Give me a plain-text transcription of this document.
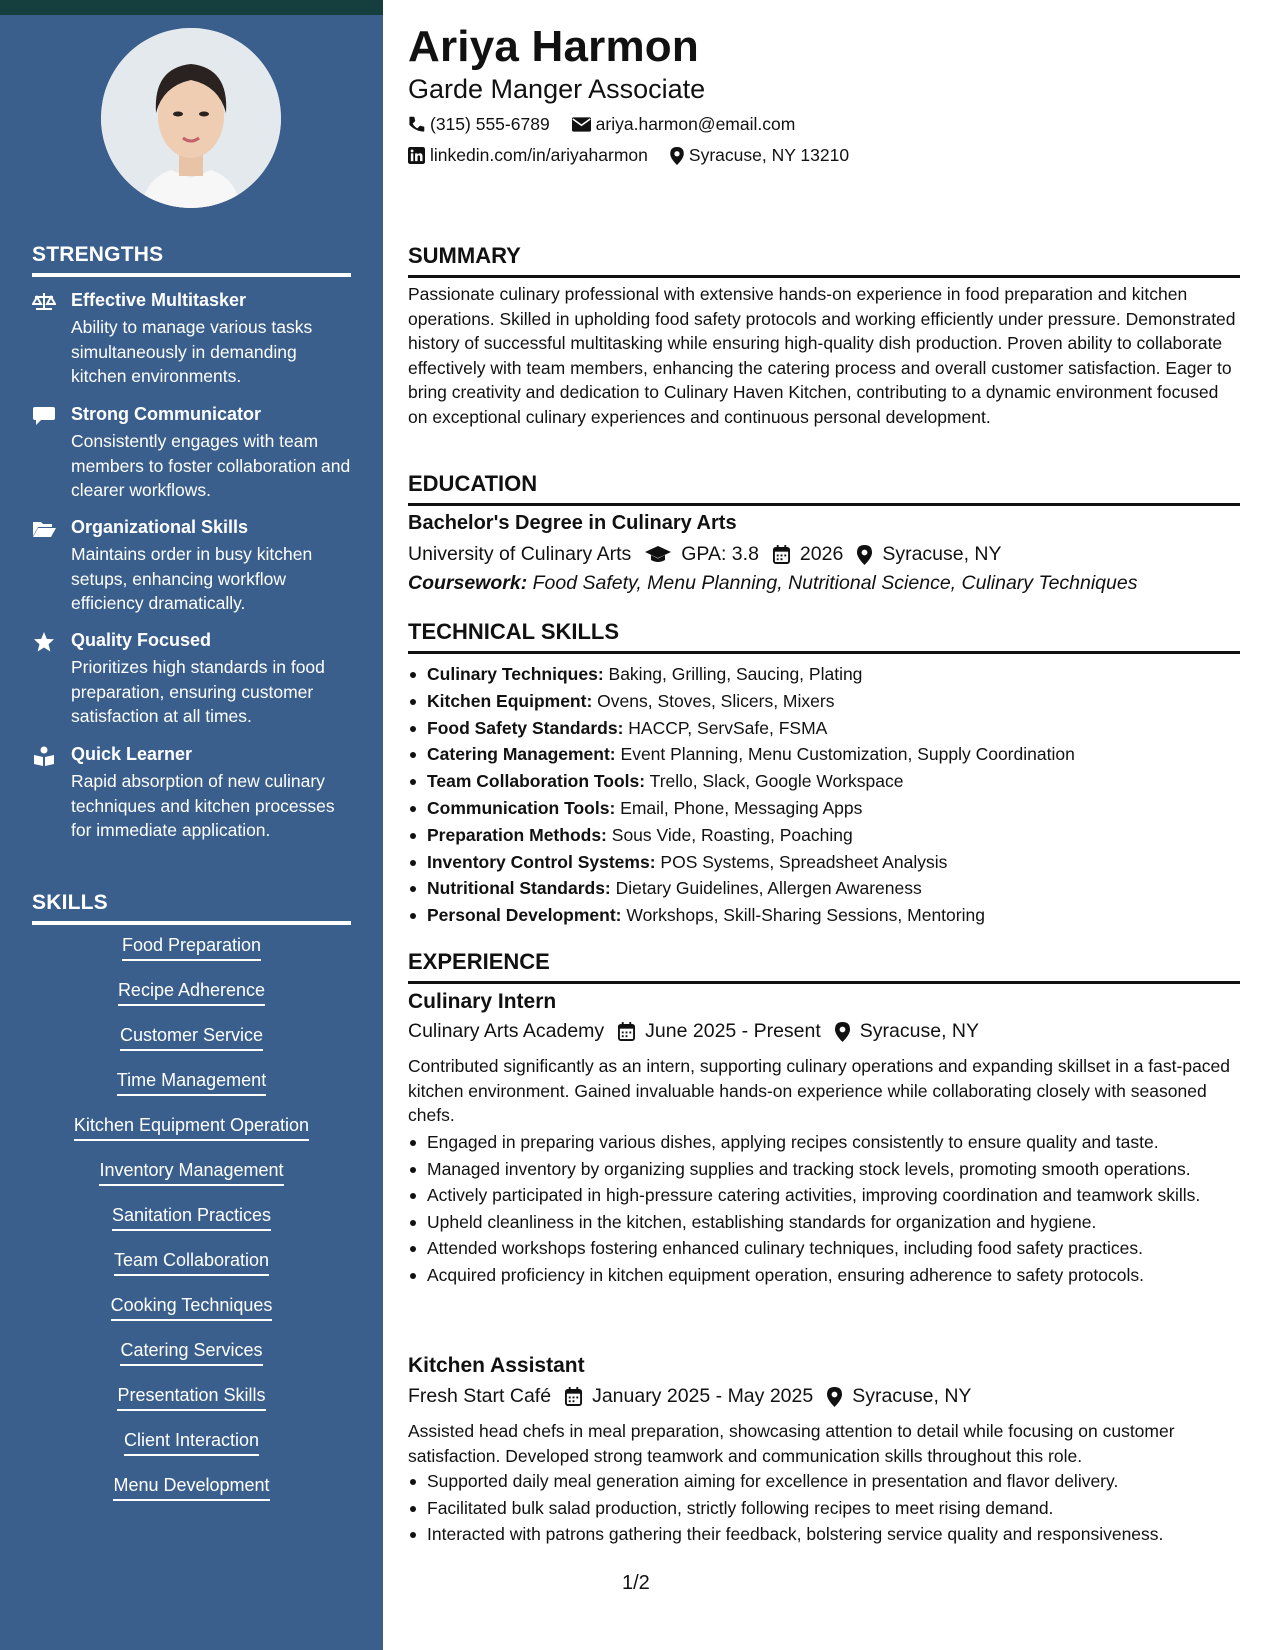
STRENGTHS
Effective Multitasker
Ability to manage various tasks simultaneously in demanding kitchen environments.
Strong Communicator
Consistently engages with team members to foster collaboration and clearer workflows.
Organizational Skills
Maintains order in busy kitchen setups, enhancing workflow efficiency dramatically.
Quality Focused
Prioritizes high standards in food preparation, ensuring customer satisfaction at all times.
Quick Learner
Rapid absorption of new culinary techniques and kitchen processes for immediate application.
SKILLS
Food Preparation
Recipe Adherence
Customer Service
Time Management
Kitchen Equipment Operation
Inventory Management
Sanitation Practices
Team Collaboration
Cooking Techniques
Catering Services
Presentation Skills
Client Interaction
Menu Development
Ariya Harmon
Garde Manger Associate
(315) 555-6789	ariya.harmon@email.com
linkedin.com/in/ariyaharmon Syracuse, NY 13210
SUMMARY
Passionate culinary professional with extensive hands-on experience in food preparation and kitchen operations. Skilled in upholding food safety protocols and working efficiently under pressure. Demonstrated history of successful multitasking while ensuring high-quality dish production. Proven ability to collaborate effectively with team members, enhancing the catering process and overall customer satisfaction. Eager to bring creativity and dedication to Culinary Haven Kitchen, contributing to a dynamic environment focused on exceptional culinary experiences and continuous personal development.
EDUCATION
Bachelor's Degree in Culinary Arts
University of Culinary Arts	GPA: 3.8 2026 Syracuse, NY
Coursework: Food Safety, Menu Planning, Nutritional Science, Culinary Techniques
TECHNICAL SKILLS
Culinary Techniques: Baking, Grilling, Saucing, Plating
Kitchen Equipment: Ovens, Stoves, Slicers, Mixers
Food Safety Standards: HACCP, ServSafe, FSMA
Catering Management: Event Planning, Menu Customization, Supply Coordination
Team Collaboration Tools: Trello, Slack, Google Workspace
Communication Tools: Email, Phone, Messaging Apps
Preparation Methods: Sous Vide, Roasting, Poaching
Inventory Control Systems: POS Systems, Spreadsheet Analysis
Nutritional Standards: Dietary Guidelines, Allergen Awareness
Personal Development: Workshops, Skill-Sharing Sessions, Mentoring
EXPERIENCE
Culinary Intern
Culinary Arts Academy June 2025 - Present Syracuse, NY
Contributed significantly as an intern, supporting culinary operations and expanding skillset in a fast-paced kitchen environment. Gained invaluable hands-on experience while collaborating closely with seasoned chefs.
Engaged in preparing various dishes, applying recipes consistently to ensure quality and taste.
Managed inventory by organizing supplies and tracking stock levels, promoting smooth operations.
Actively participated in high-pressure catering activities, improving coordination and teamwork skills.
Upheld cleanliness in the kitchen, establishing standards for organization and hygiene.
Attended workshops fostering enhanced culinary techniques, including food safety practices.
Acquired proficiency in kitchen equipment operation, ensuring adherence to safety protocols.
Kitchen Assistant
Fresh Start Café January 2025 - May 2025 Syracuse, NY
Assisted head chefs in meal preparation, showcasing attention to detail while focusing on customer satisfaction. Developed strong teamwork and communication skills throughout this role.
Supported daily meal generation aiming for excellence in presentation and flavor delivery.
Facilitated bulk salad production, strictly following recipes to meet rising demand.
Interacted with patrons gathering their feedback, bolstering service quality and responsiveness.
1/2
